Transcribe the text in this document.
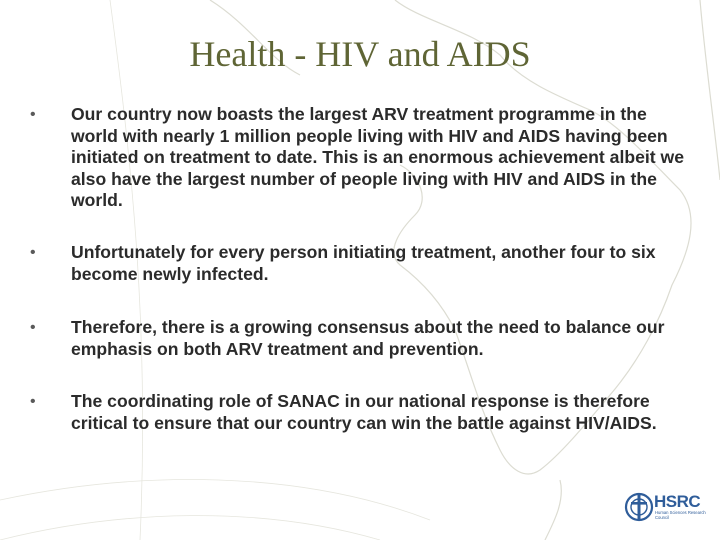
Health - HIV and AIDS
•	Our country now boasts the largest ARV treatment programme in the world with nearly 1 million people living with HIV and AIDS having been initiated on treatment to date. This is an enormous achievement albeit we also have the largest number of people living with HIV and AIDS in the world.
•	Unfortunately for every person initiating treatment, another four to six become newly infected.
•	Therefore, there is a growing consensus about the need to balance our emphasis on both ARV treatment and prevention.
•	The coordinating role of SANAC in our national response is therefore critical to ensure that our country can win the battle against HIV/AIDS.
HSRC
Human Sciences Research Council
